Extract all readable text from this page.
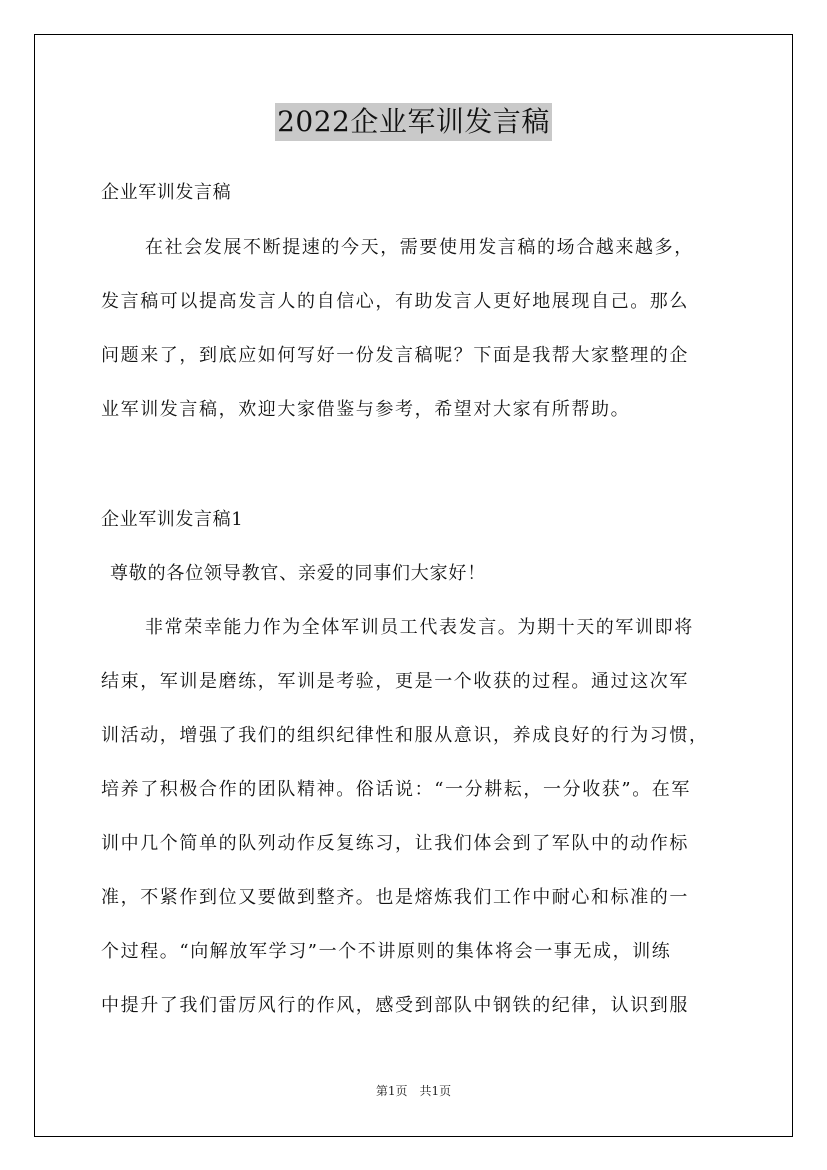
2022企业军训发言稿
企业军训发言稿
在社会发展不断提速的今天，需要使用发言稿的场合越来越多，
发言稿可以提高发言人的自信心，有助发言人更好地展现自己。那么
问题来了，到底应如何写好一份发言稿呢？下面是我帮大家整理的企
业军训发言稿，欢迎大家借鉴与参考，希望对大家有所帮助。
企业军训发言稿1
尊敬的各位领导教官、亲爱的同事们大家好！
非常荣幸能力作为全体军训员工代表发言。为期十天的军训即将
结束，军训是磨练，军训是考验，更是一个收获的过程。通过这次军
训活动，增强了我们的组织纪律性和服从意识，养成良好的行为习惯，
培养了积极合作的团队精神。俗话说：“一分耕耘，一分收获”。在军
训中几个简单的队列动作反复练习，让我们体会到了军队中的动作标
准，不紧作到位又要做到整齐。也是熔炼我们工作中耐心和标准的一
个过程。“向解放军学习”一个不讲原则的集体将会一事无成，训练
中提升了我们雷厉风行的作风，感受到部队中钢铁的纪律，认识到服
第1页　共1页
